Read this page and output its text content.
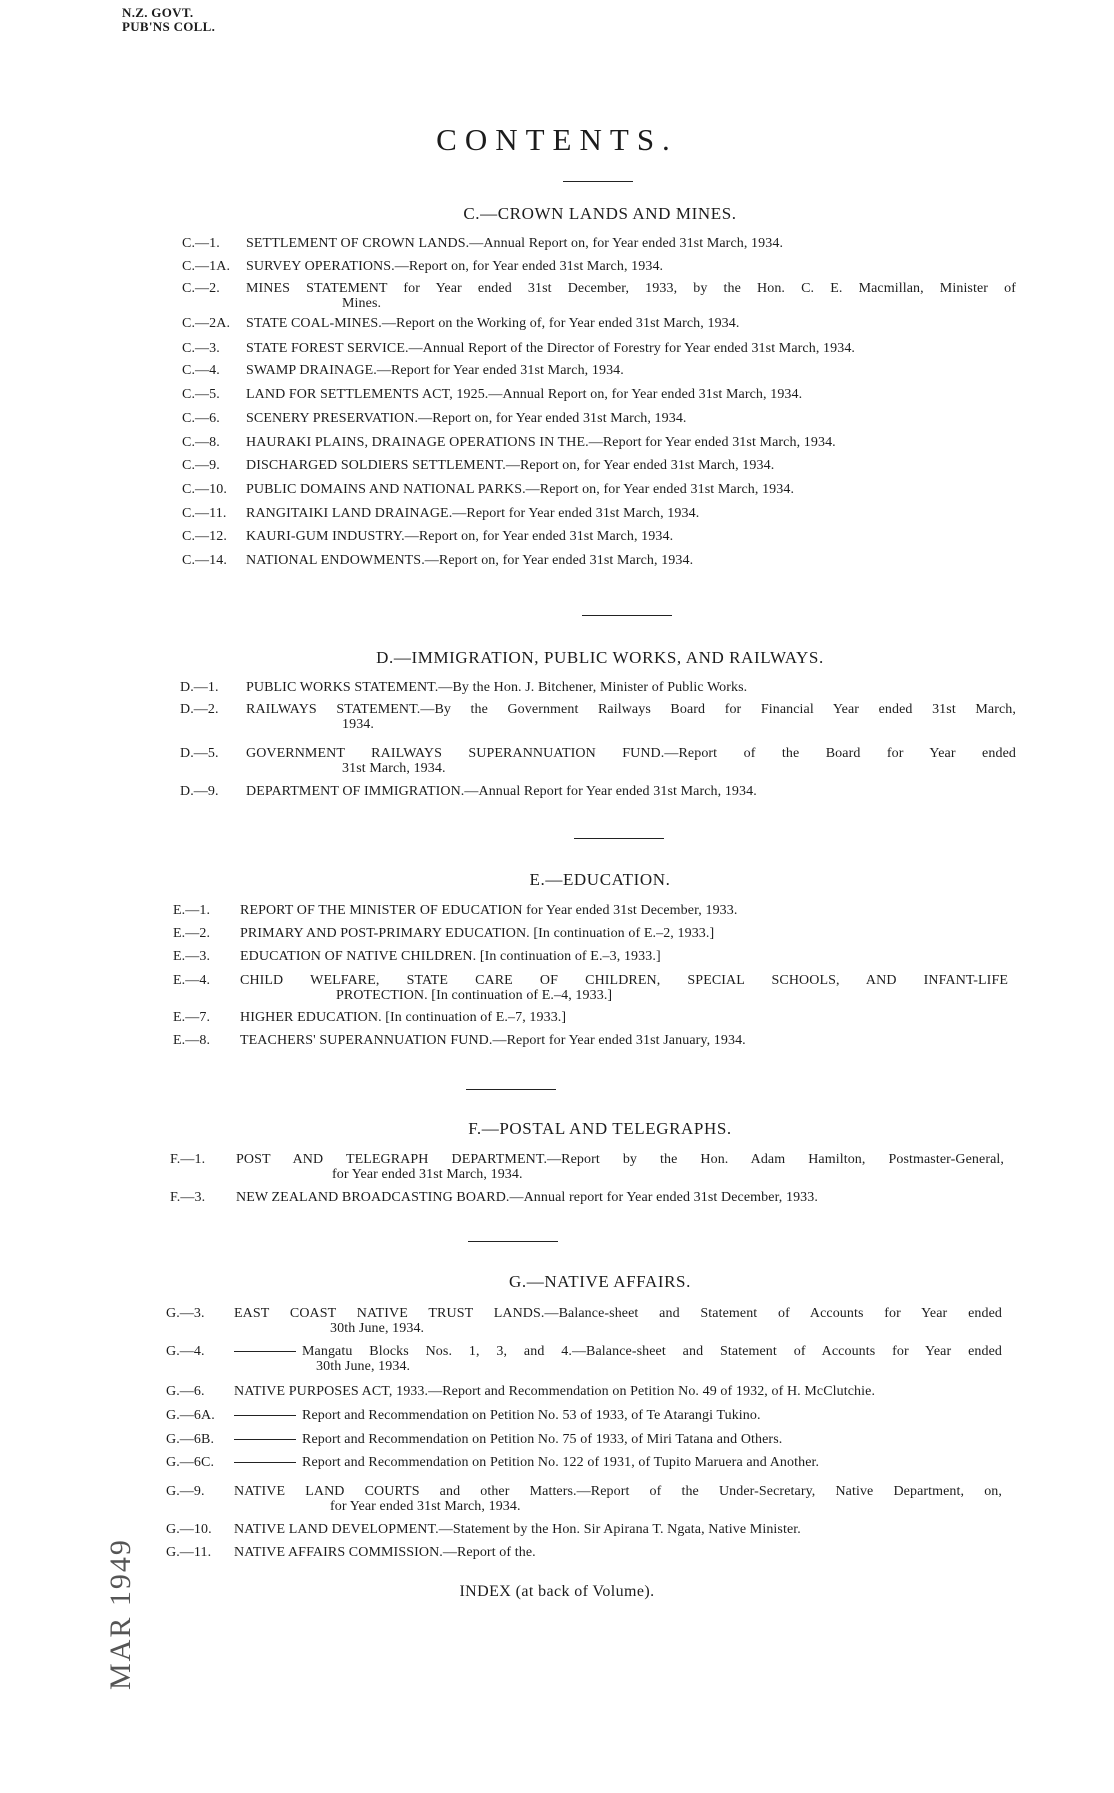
N.Z. GOVT.
PUB'NS COLL.
CONTENTS.
C.—CROWN LANDS AND MINES.
C.—1. SETTLEMENT OF CROWN LANDS.—Annual Report on, for Year ended 31st March, 1934.
C.—1A. SURVEY OPERATIONS.—Report on, for Year ended 31st March, 1934.
C.—2. MINES STATEMENT for Year ended 31st December, 1933, by the Hon. C. E. Macmillan, Minister of
Mines.
C.—2A. STATE COAL-MINES.—Report on the Working of, for Year ended 31st March, 1934.
C.—3. STATE FOREST SERVICE.—Annual Report of the Director of Forestry for Year ended 31st March, 1934.
C.—4. SWAMP DRAINAGE.—Report for Year ended 31st March, 1934.
C.—5. LAND FOR SETTLEMENTS ACT, 1925.—Annual Report on, for Year ended 31st March, 1934.
C.—6. SCENERY PRESERVATION.—Report on, for Year ended 31st March, 1934.
C.—8. HAURAKI PLAINS, DRAINAGE OPERATIONS IN THE.—Report for Year ended 31st March, 1934.
C.—9. DISCHARGED SOLDIERS SETTLEMENT.—Report on, for Year ended 31st March, 1934.
C.—10. PUBLIC DOMAINS AND NATIONAL PARKS.—Report on, for Year ended 31st March, 1934.
C.—11. RANGITAIKI LAND DRAINAGE.—Report for Year ended 31st March, 1934.
C.—12. KAURI-GUM INDUSTRY.—Report on, for Year ended 31st March, 1934.
C.—14. NATIONAL ENDOWMENTS.—Report on, for Year ended 31st March, 1934.
D.—IMMIGRATION, PUBLIC WORKS, AND RAILWAYS.
D.—1. PUBLIC WORKS STATEMENT.—By the Hon. J. Bitchener, Minister of Public Works.
D.—2. RAILWAYS STATEMENT.—By the Government Railways Board for Financial Year ended 31st March,
1934.
D.—5. GOVERNMENT RAILWAYS SUPERANNUATION FUND.—Report of the Board for Year ended
31st March, 1934.
D.—9. DEPARTMENT OF IMMIGRATION.—Annual Report for Year ended 31st March, 1934.
E.—EDUCATION.
E.—1. REPORT OF THE MINISTER OF EDUCATION for Year ended 31st December, 1933.
E.—2. PRIMARY AND POST-PRIMARY EDUCATION. [In continuation of E.–2, 1933.]
E.—3. EDUCATION OF NATIVE CHILDREN. [In continuation of E.–3, 1933.]
E.—4. CHILD WELFARE, STATE CARE OF CHILDREN, SPECIAL SCHOOLS, AND INFANT-LIFE
PROTECTION. [In continuation of E.–4, 1933.]
E.—7. HIGHER EDUCATION. [In continuation of E.–7, 1933.]
E.—8. TEACHERS' SUPERANNUATION FUND.—Report for Year ended 31st January, 1934.
F.—POSTAL AND TELEGRAPHS.
F.—1. POST AND TELEGRAPH DEPARTMENT.—Report by the Hon. Adam Hamilton, Postmaster-General,
for Year ended 31st March, 1934.
F.—3. NEW ZEALAND BROADCASTING BOARD.—Annual report for Year ended 31st December, 1933.
G.—NATIVE AFFAIRS.
G.—3. EAST COAST NATIVE TRUST LANDS.—Balance-sheet and Statement of Accounts for Year ended
30th June, 1934.
G.—4.	Mangatu Blocks Nos. 1, 3, and 4.—Balance-sheet and Statement of Accounts for Year ended
30th June, 1934.
G.—6. NATIVE PURPOSES ACT, 1933.—Report and Recommendation on Petition No. 49 of 1932, of H. McClutchie.
G.—6A.	Report and Recommendation on Petition No. 53 of 1933, of Te Atarangi Tukino.
G.—6B.	Report and Recommendation on Petition No. 75 of 1933, of Miri Tatana and Others.
G.—6C.	Report and Recommendation on Petition No. 122 of 1931, of Tupito Maruera and Another.
G.—9. NATIVE LAND COURTS and other Matters.—Report of the Under-Secretary, Native Department, on,
for Year ended 31st March, 1934.
G.—10. NATIVE LAND DEVELOPMENT.—Statement by the Hon. Sir Apirana T. Ngata, Native Minister.
G.—11. NATIVE AFFAIRS COMMISSION.—Report of the.
INDEX (at back of Volume).
MAR 1949
